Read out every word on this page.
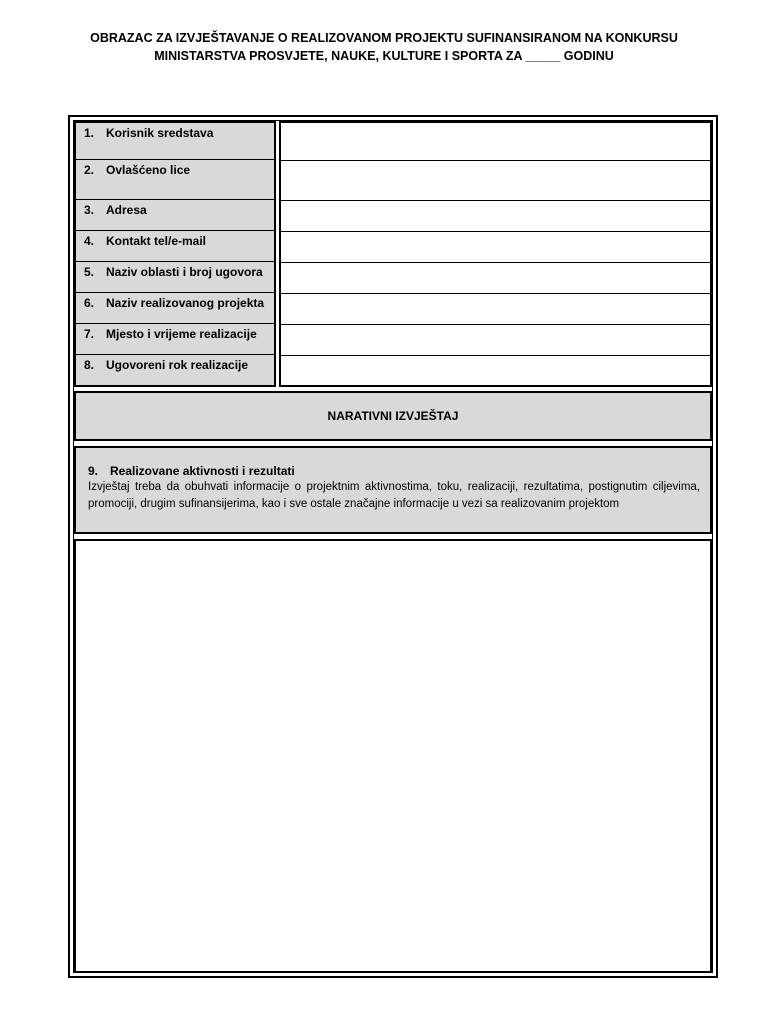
OBRAZAC ZA IZVJEŠTAVANJE O REALIZOVANOM PROJEKTU SUFINANSIRANOM NA KONKURSU
MINISTARSTVA PROSVJETE, NAUKE, KULTURE I SPORTA ZA _____ GODINU
1. Korisnik sredstava
2. Ovlašćeno lice
3. Adresa
4. Kontakt tel/e-mail
5. Naziv oblasti i broj ugovora
6. Naziv realizovanog projekta
7. Mjesto i vrijeme realizacije
8. Ugovoreni rok realizacije
NARATIVNI IZVJEŠTAJ
9. Realizovane aktivnosti i rezultati
Izvještaj treba da obuhvati informacije o projektnim aktivnostima, toku, realizaciji, rezultatima, postignutim ciljevima, promociji, drugim sufinansijerima, kao i sve ostale značajne informacije u vezi sa realizovanim projektom
